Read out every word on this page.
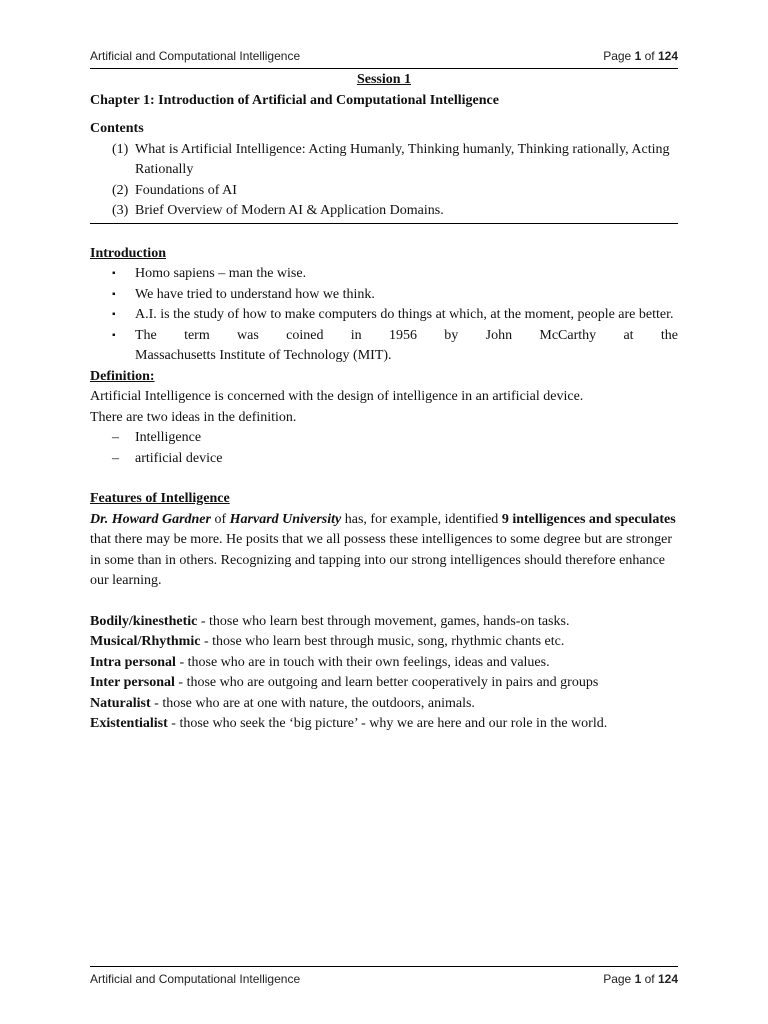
Artificial and Computational Intelligence	Page 1 of 124
Session 1
Chapter 1: Introduction of Artificial and Computational Intelligence
Contents
(1) What is Artificial Intelligence: Acting Humanly, Thinking humanly, Thinking rationally, Acting Rationally
(2) Foundations of AI
(3) Brief Overview of Modern AI & Application Domains.
Introduction
▪ Homo sapiens – man the wise.
▪ We have tried to understand how we think.
▪ A.I. is the study of how to make computers do things at which, at the moment, people are better.
▪ The term was coined in 1956 by John McCarthy at the
Massachusetts Institute of Technology (MIT).
Definition:
Artificial Intelligence is concerned with the design of intelligence in an artificial device.
There are two ideas in the definition.
– Intelligence
– artificial device
Features of Intelligence
Dr. Howard Gardner of Harvard University has, for example, identified 9 intelligences and speculates that there may be more. He posits that we all possess these intelligences to some degree but are stronger in some than in others. Recognizing and tapping into our strong intelligences should therefore enhance our learning.
Bodily/kinesthetic - those who learn best through movement, games, hands-on tasks.
Musical/Rhythmic - those who learn best through music, song, rhythmic chants etc.
Intra personal - those who are in touch with their own feelings, ideas and values.
Inter personal - those who are outgoing and learn better cooperatively in pairs and groups
Naturalist - those who are at one with nature, the outdoors, animals.
Existentialist - those who seek the ‘big picture’ - why we are here and our role in the world.
Artificial and Computational Intelligence	Page 1 of 124
